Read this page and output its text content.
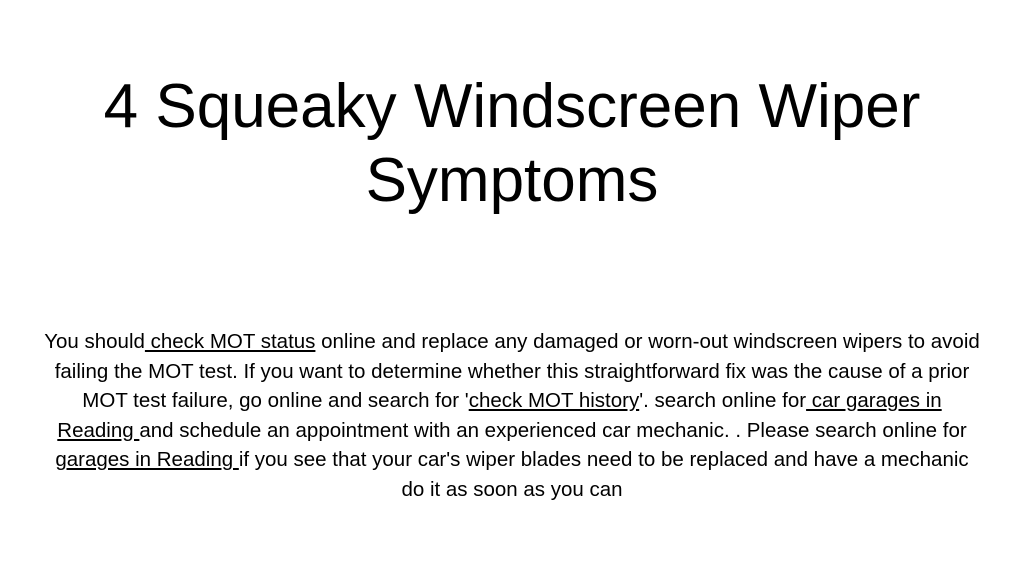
4 Squeaky Windscreen Wiper Symptoms

You should check MOT status online and replace any damaged or worn-out windscreen wipers to avoid failing the MOT test. If you want to determine whether this straightforward fix was the cause of a prior MOT test failure, go online and search for 'check MOT history'. search online for car garages in Reading and schedule an appointment with an experienced car mechanic. . Please search online for garages in Reading if you see that your car's wiper blades need to be replaced and have a mechanic do it as soon as you can
